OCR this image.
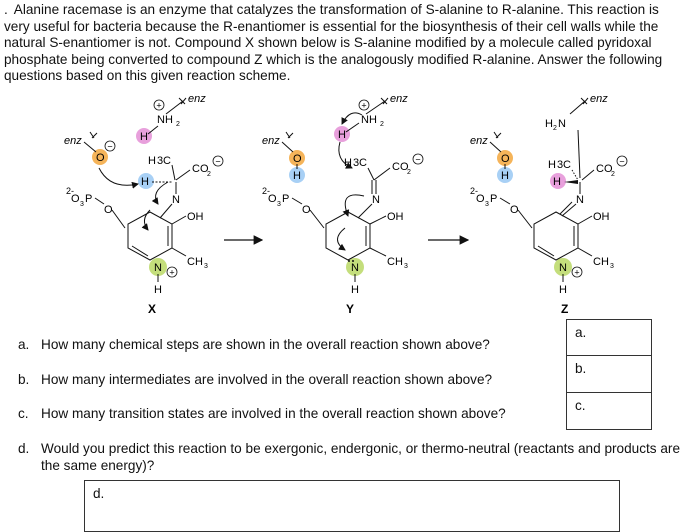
. Alanine racemase is an enzyme that catalyzes the transformation of S-alanine to R-alanine. This reaction is very useful for bacteria because the R-enantiomer is essential for the biosynthesis of their cell walls while the natural S-enantiomer is not. Compound X shown below is S-alanine modified by a molecule called pyridoxal phosphate being converted to compound Z which is the analogously modified R-alanine. Answer the following questions based on this given reaction scheme.
enz
+
NH 2
H
enz	−
O	H 3 C
CO
2
−
H
N
2-
O 3 P
O
OH
CH 3
N +
H
X
enz
+
NH 2
H
enz
O
H
H 3 C CO
2
−
N
2-
O 3 P
O
OH
CH 3
N
H
Y
enz
H 2 N
enz
O
H
H 3 C CO
2
−
H
N
2-
O 3 P
O
OH
CH 3
N +
H
Z
a. How many chemical steps are shown in the overall reaction shown above?
b. How many intermediates are involved in the overall reaction shown above?
c. How many transition states are involved in the overall reaction shown above?
d. Would you predict this reaction to be exergonic, endergonic, or thermo-neutral (reactants and products are the same energy)?
a.
b.
c.
d.
